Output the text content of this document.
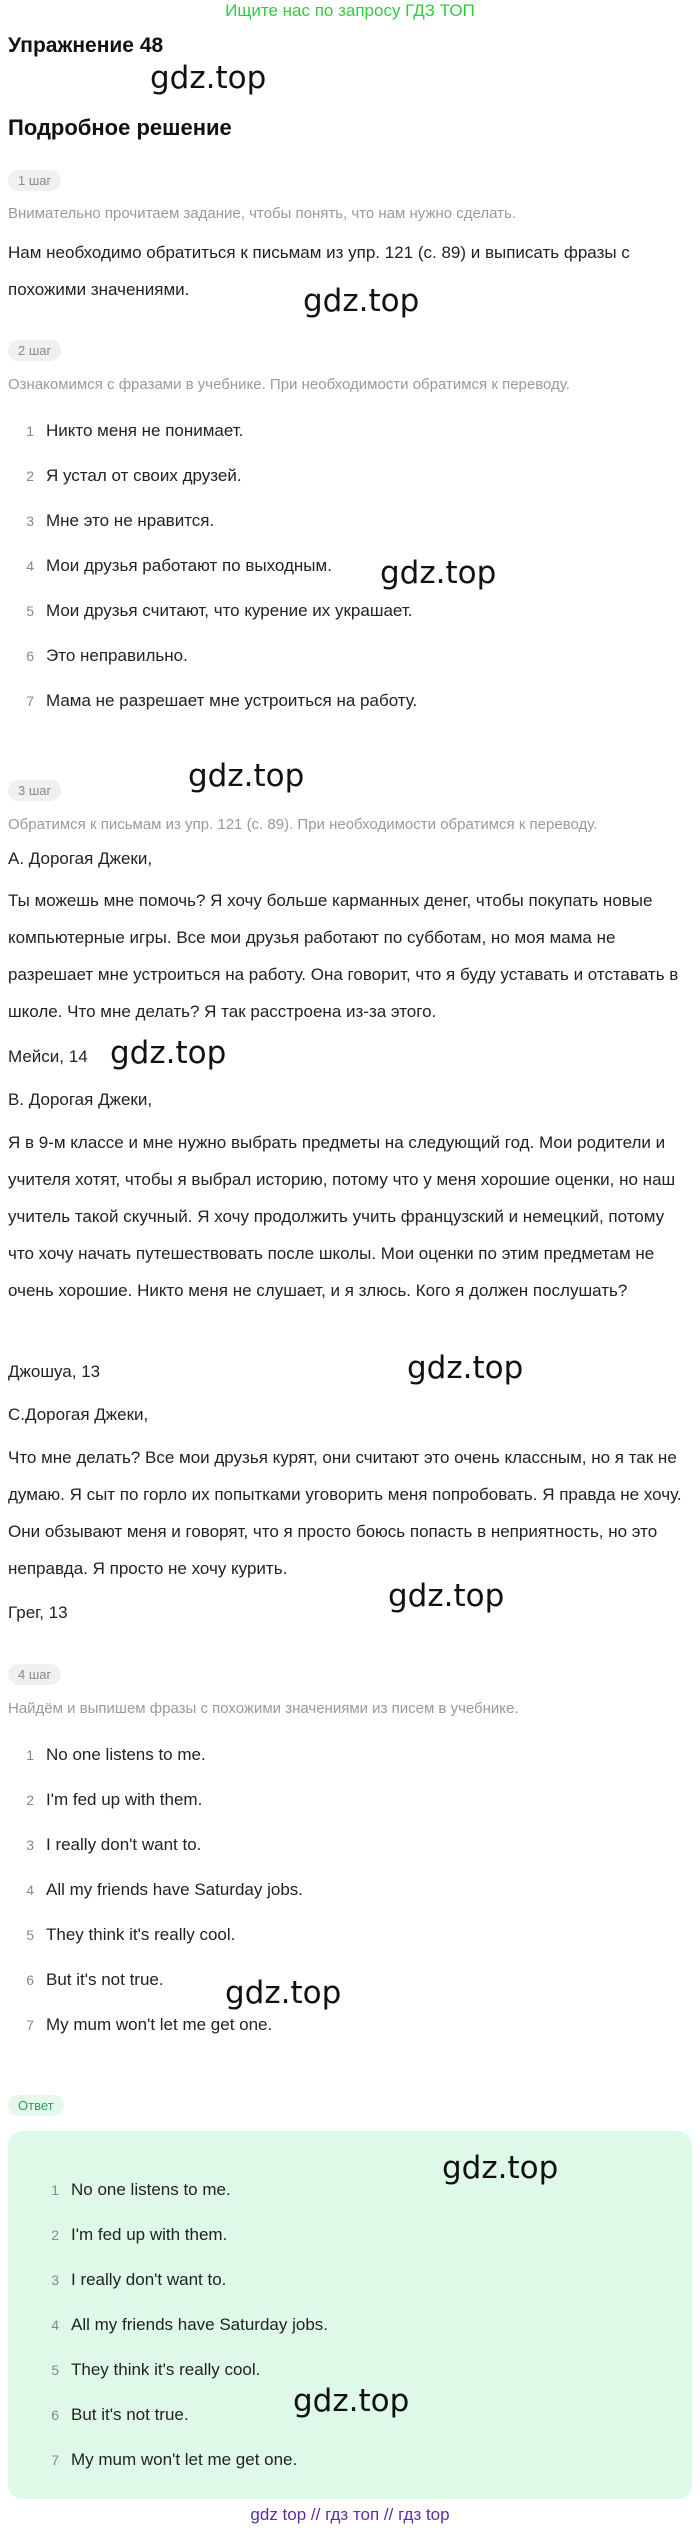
Ищите нас по запросу ГДЗ ТОП
Упражнение 48
gdz.top
Подробное решение
1 шаг
Внимательно прочитаем задание, чтобы понять, что нам нужно сделать.
Нам необходимо обратиться к письмам из упр. 121 (с. 89) и выписать фразы с похожими значениями.	gdz.top
2 шаг
Ознакомимся с фразами в учебнике. При необходимости обратимся к переводу.
1 Никто меня не понимает.
2 Я устал от своих друзей.
3 Мне это не нравится.
4 Мои друзья работают по выходным.
5 Мои друзья считают, что курение их украшает.
6 Это неправильно.
7 Мама не разрешает мне устроиться на работу.
gdz.top
gdz.top
3 шаг
Обратимся к письмам из упр. 121 (с. 89). При необходимости обратимся к переводу.
А. Дорогая Джеки,
Ты можешь мне помочь? Я хочу больше карманных денег, чтобы покупать новые компьютерные игры. Все мои друзья работают по субботам, но моя мама не разрешает мне устроиться на работу. Она говорит, что я буду уставать и отставать в школе. Что мне делать? Я так расстроена из-за этого.
Мейси, 14 gdz.top
В. Дорогая Джеки,
Я в 9-м классе и мне нужно выбрать предметы на следующий год. Мои родители и учителя хотят, чтобы я выбрал историю, потому что у меня хорошие оценки, но наш учитель такой скучный. Я хочу продолжить учить французский и немецкий, потому что хочу начать путешествовать после школы. Мои оценки по этим предметам не очень хорошие. Никто меня не слушает, и я злюсь. Кого я должен послушать?
Джошуа, 13	gdz.top
С.Дорогая Джеки,
Что мне делать? Все мои друзья курят, они считают это очень классным, но я так не думаю. Я сыт по горло их попытками уговорить меня попробовать. Я правда не хочу. Они обзывают меня и говорят, что я просто боюсь попасть в неприятность, но это неправда. Я просто не хочу курить.
Грег, 13	gdz.top
4 шаг
Найдём и выпишем фразы с похожими значениями из писем в учебнике.
1 No one listens to me.
2 I'm fed up with them.
3 I really don't want to.
4 All my friends have Saturday jobs.
5 They think it's really cool.
6 But it's not true.
7 My mum won't let me get one.
gdz.top
Ответ
gdz.top
1 No one listens to me.
2 I'm fed up with them.
3 I really don't want to.
4 All my friends have Saturday jobs.
5 They think it's really cool.
6 But it's not true.
7 My mum won't let me get one.
gdz.top
gdz top // гдз топ // гдз top
